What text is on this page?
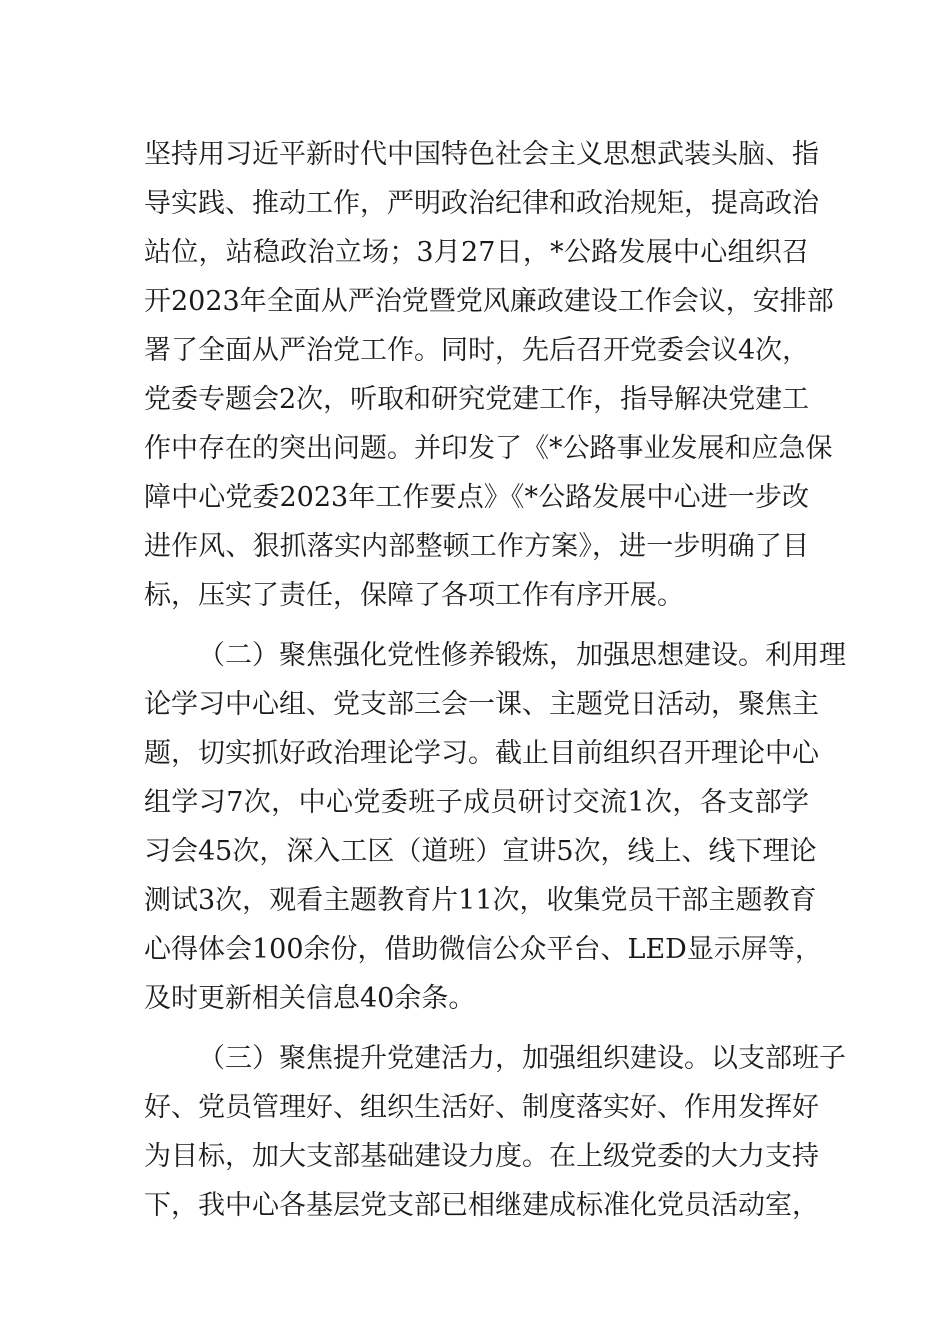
坚持用习近平新时代中国特色社会主义思想武装头脑、指
导实践、推动工作，严明政治纪律和政治规矩，提高政治
站位，站稳政治立场；3月27日，*公路发展中心组织召
开2023年全面从严治党暨党风廉政建设工作会议，安排部
署了全面从严治党工作。同时，先后召开党委会议4次，
党委专题会2次，听取和研究党建工作，指导解决党建工
作中存在的突出问题。并印发了《*公路事业发展和应急保
障中心党委2023年工作要点》《*公路发展中心进一步改
进作风、狠抓落实内部整顿工作方案》，进一步明确了目
标，压实了责任，保障了各项工作有序开展。
（二）聚焦强化党性修养锻炼，加强思想建设。利用理
论学习中心组、党支部三会一课、主题党日活动，聚焦主
题，切实抓好政治理论学习。截止目前组织召开理论中心
组学习7次，中心党委班子成员研讨交流1次，各支部学
习会45次，深入工区（道班）宣讲5次，线上、线下理论
测试3次，观看主题教育片11次，收集党员干部主题教育
心得体会100余份，借助微信公众平台、LED显示屏等，
及时更新相关信息40余条。
（三）聚焦提升党建活力，加强组织建设。以支部班子
好、党员管理好、组织生活好、制度落实好、作用发挥好
为目标，加大支部基础建设力度。在上级党委的大力支持
下，我中心各基层党支部已相继建成标准化党员活动室，
